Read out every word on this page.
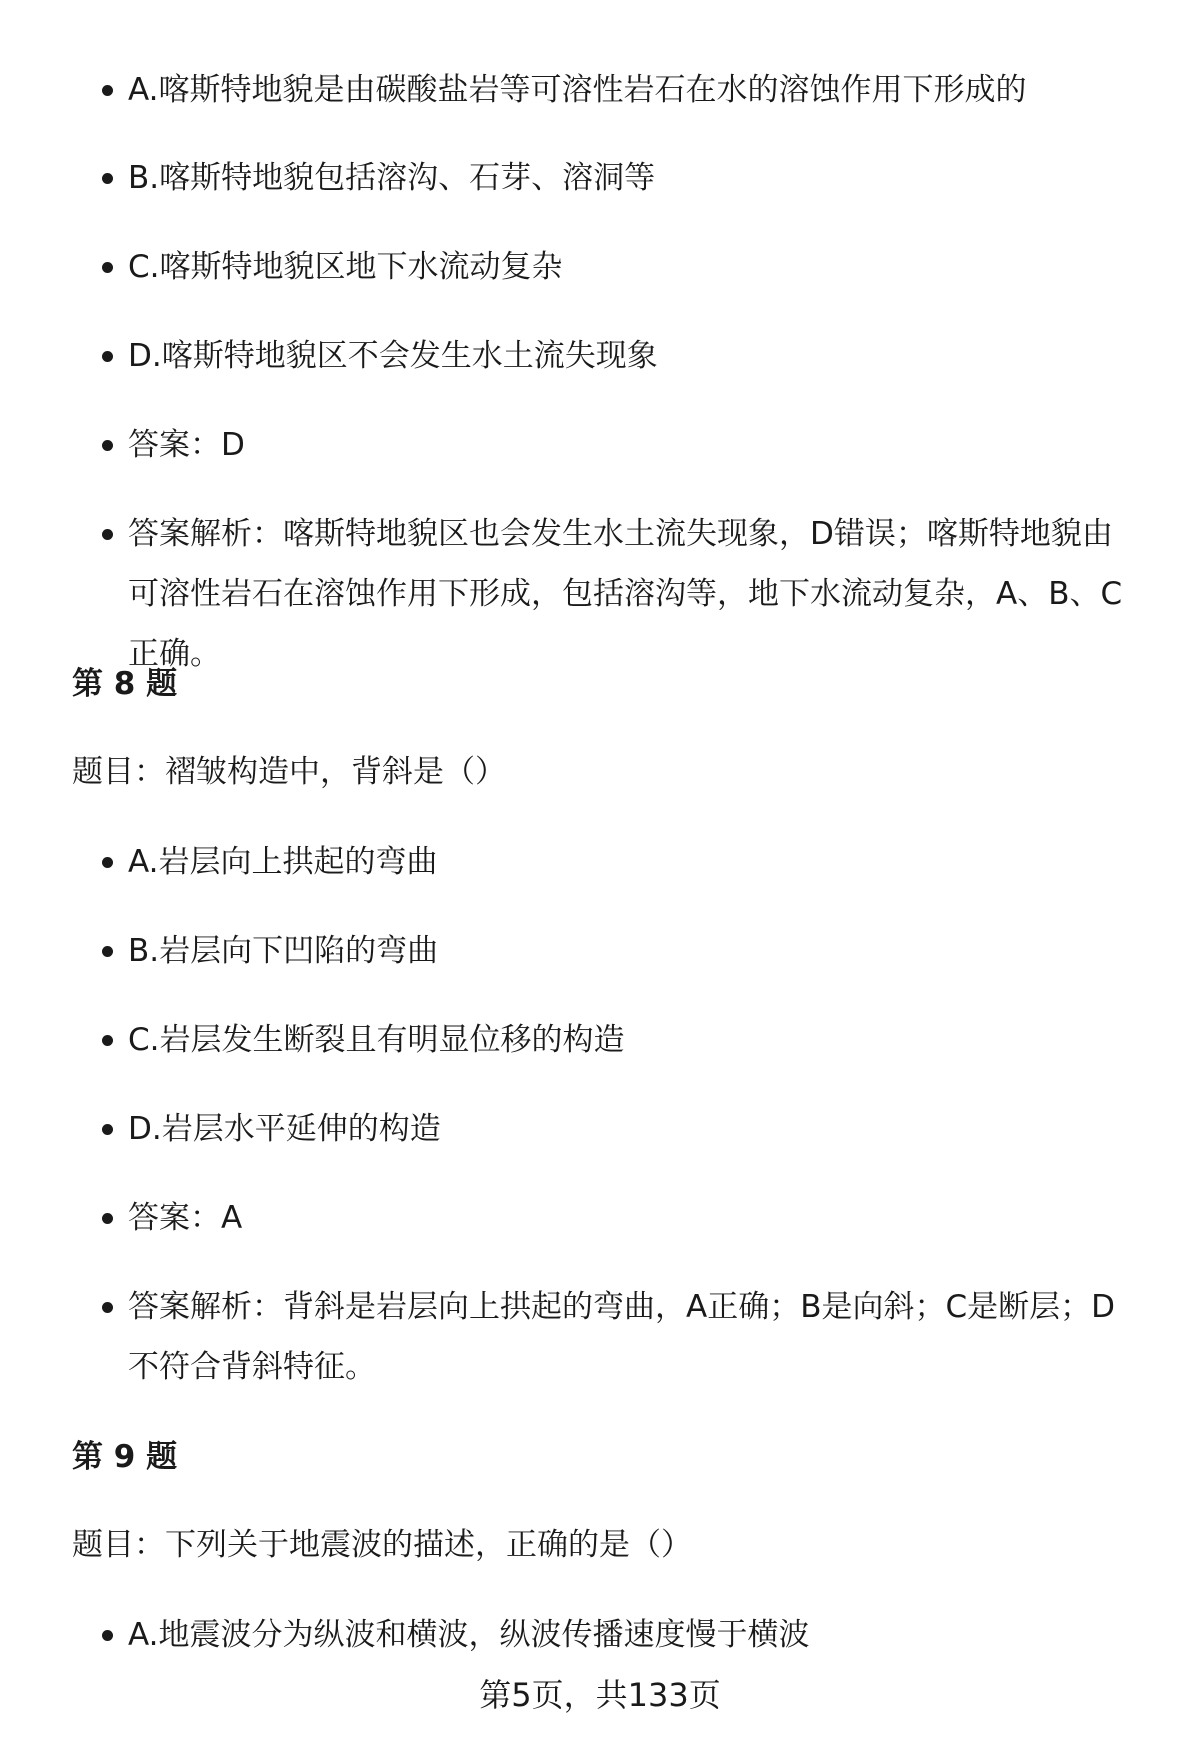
A.喀斯特地貌是由碳酸盐岩等可溶性岩石在水的溶蚀作用下形成的
B.喀斯特地貌包括溶沟、石芽、溶洞等
C.喀斯特地貌区地下水流动复杂
D.喀斯特地貌区不会发生水土流失现象
答案：D
答案解析：喀斯特地貌区也会发生水土流失现象，D错误；喀斯特地貌由可溶性岩石在溶蚀作用下形成，包括溶沟等，地下水流动复杂，A、B、C正确。
第 8 题
题目：褶皱构造中，背斜是（）
A.岩层向上拱起的弯曲
B.岩层向下凹陷的弯曲
C.岩层发生断裂且有明显位移的构造
D.岩层水平延伸的构造
答案：A
答案解析：背斜是岩层向上拱起的弯曲，A正确；B是向斜；C是断层；D不符合背斜特征。
第 9 题
题目：下列关于地震波的描述，正确的是（）
A.地震波分为纵波和横波，纵波传播速度慢于横波
第5页，共133页
